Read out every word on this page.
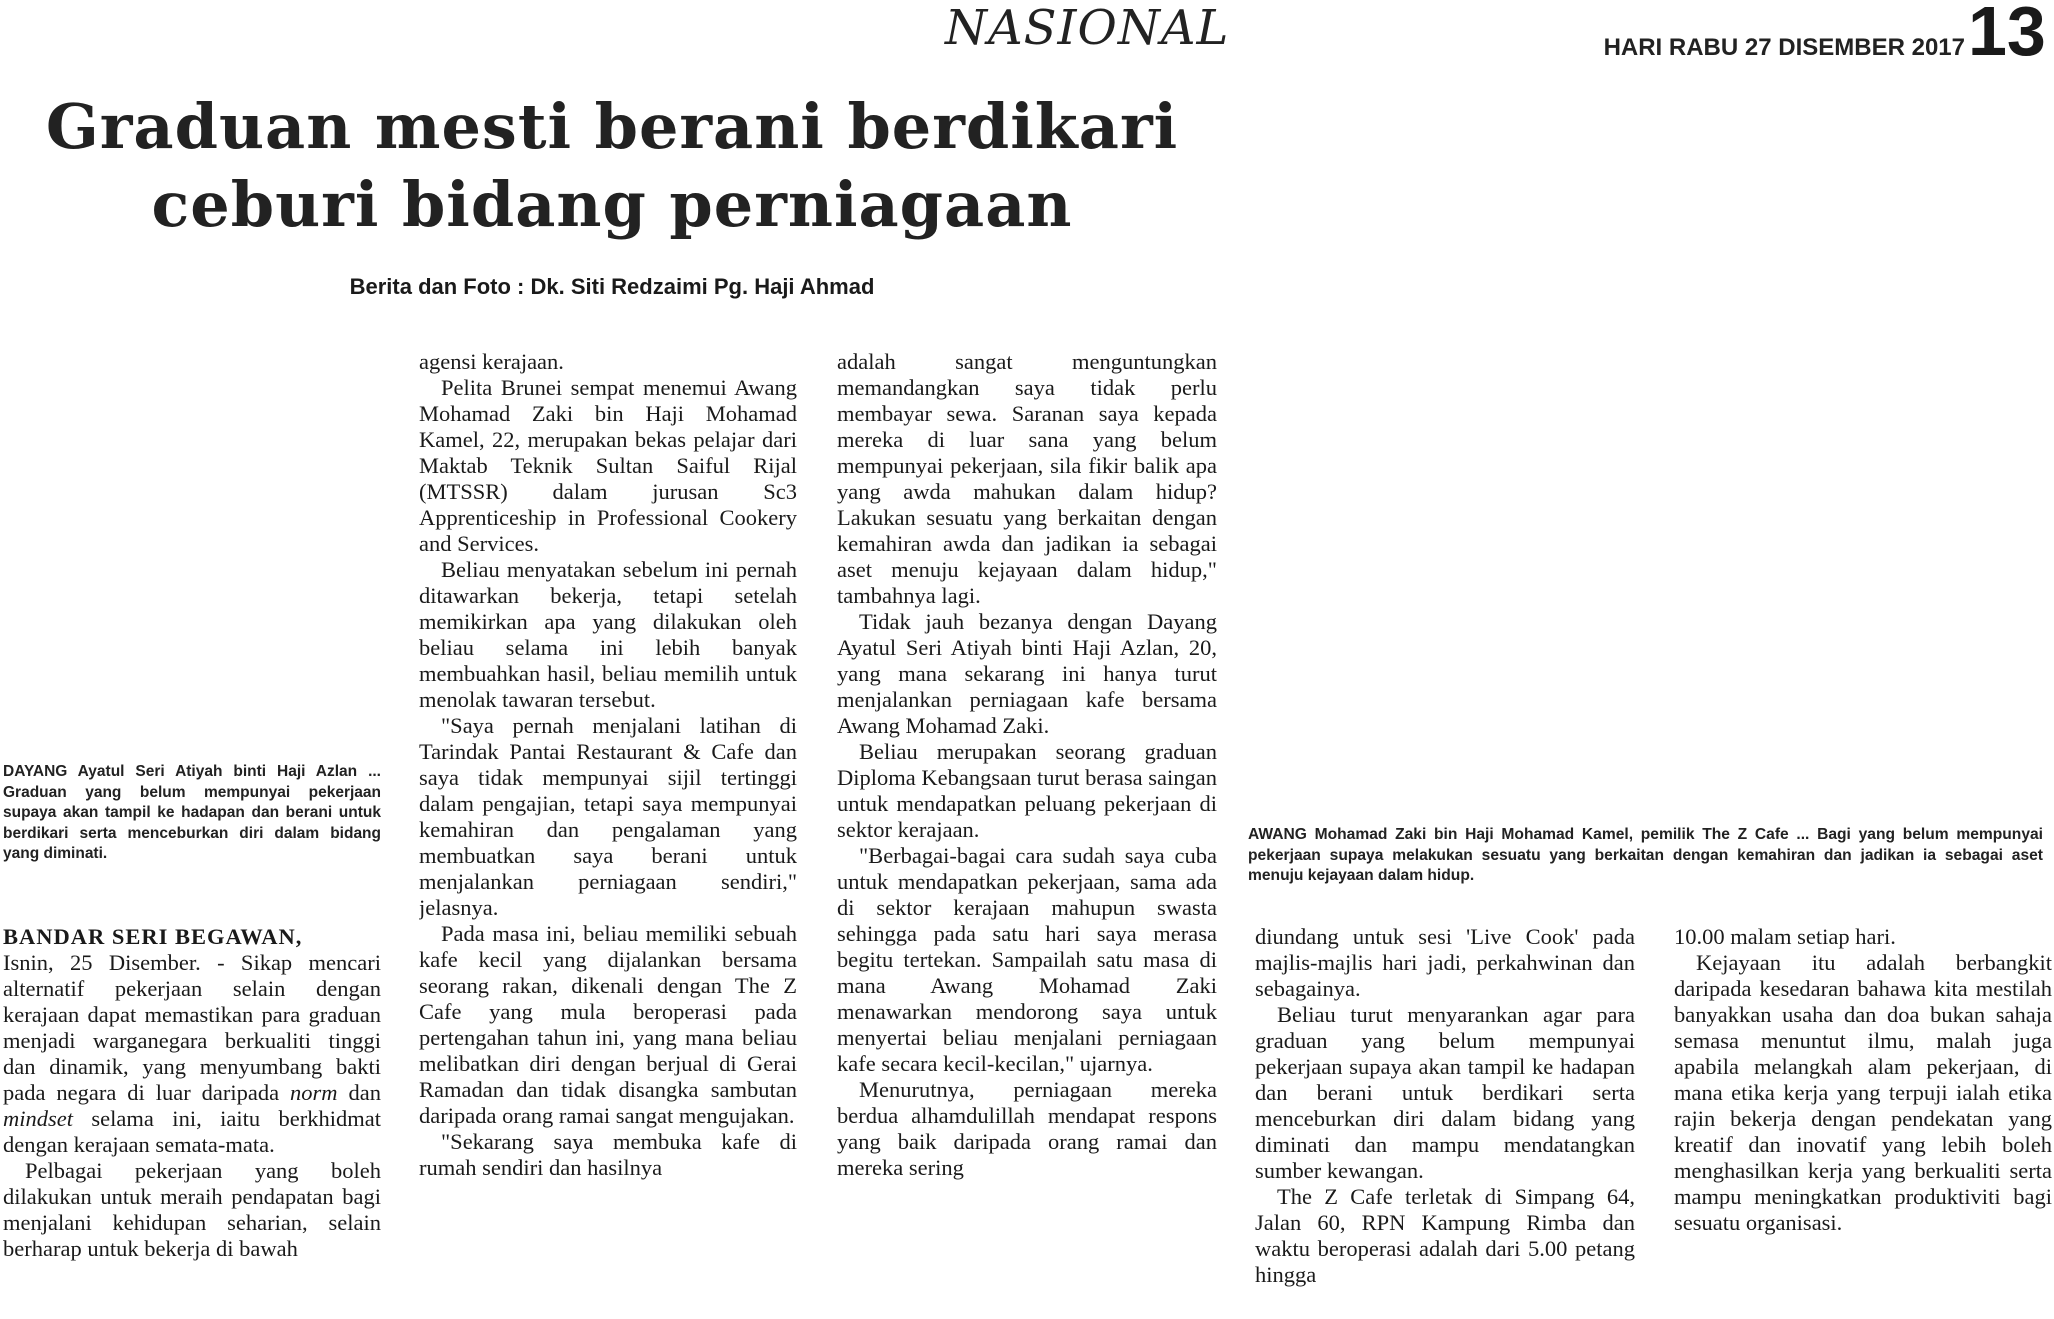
NASIONAL	HARI RABU 27 DISEMBER 2017 13
Graduan mesti berani berdikari
ceburi bidang perniagaan
Berita dan Foto : Dk. Siti Redzaimi Pg. Haji Ahmad
DAYANG Ayatul Seri Atiyah binti Haji Azlan ... Graduan yang belum mempunyai pekerjaan supaya akan tampil ke hadapan dan berani untuk berdikari serta menceburkan diri dalam bidang yang diminati.
AWANG Mohamad Zaki bin Haji Mohamad Kamel, pemilik The Z Cafe ... Bagi yang belum mempunyai pekerjaan supaya melakukan sesuatu yang berkaitan dengan kemahiran dan jadikan ia sebagai aset menuju kejayaan dalam hidup.

BANDAR SERI BEGAWAN,
Isnin, 25 Disember. - Sikap mencari alternatif pekerjaan selain dengan kerajaan dapat memastikan para graduan menjadi warganegara berkualiti tinggi dan dinamik, yang menyumbang bakti pada negara di luar daripada norm dan mindset selama ini, iaitu berkhidmat dengan kerajaan semata-mata.

Pelbagai pekerjaan yang boleh dilakukan untuk meraih pendapatan bagi menjalani kehidupan seharian, selain berharap untuk bekerja di bawah

agensi kerajaan.

Pelita Brunei sempat menemui Awang Mohamad Zaki bin Haji Mohamad Kamel, 22, merupakan bekas pelajar dari Maktab Teknik Sultan Saiful Rijal (MTSSR) dalam jurusan Sc3 Apprenticeship in Professional Cookery and Services.

Beliau menyatakan sebelum ini pernah ditawarkan bekerja, tetapi setelah memikirkan apa yang dilakukan oleh beliau selama ini lebih banyak membuahkan hasil, beliau memilih untuk menolak tawaran tersebut.

"Saya pernah menjalani latihan di Tarindak Pantai Restaurant & Cafe dan saya tidak mempunyai sijil tertinggi dalam pengajian, tetapi saya mempunyai kemahiran dan pengalaman yang membuatkan saya berani untuk menjalankan perniagaan sendiri," jelasnya.

Pada masa ini, beliau memiliki sebuah kafe kecil yang dijalankan bersama seorang rakan, dikenali dengan The Z Cafe yang mula beroperasi pada pertengahan tahun ini, yang mana beliau melibatkan diri dengan berjual di Gerai Ramadan dan tidak disangka sambutan daripada orang ramai sangat mengujakan.

"Sekarang saya membuka kafe di rumah sendiri dan hasilnya

adalah sangat menguntungkan memandangkan saya tidak perlu membayar sewa. Saranan saya kepada mereka di luar sana yang belum mempunyai pekerjaan, sila fikir balik apa yang awda mahukan dalam hidup? Lakukan sesuatu yang berkaitan dengan kemahiran awda dan jadikan ia sebagai aset menuju kejayaan dalam hidup," tambahnya lagi.

Tidak jauh bezanya dengan Dayang Ayatul Seri Atiyah binti Haji Azlan, 20, yang mana sekarang ini hanya turut menjalankan perniagaan kafe bersama Awang Mohamad Zaki.

Beliau merupakan seorang graduan Diploma Kebangsaan turut berasa saingan untuk mendapatkan peluang pekerjaan di sektor kerajaan.

"Berbagai-bagai cara sudah saya cuba untuk mendapatkan pekerjaan, sama ada di sektor kerajaan mahupun swasta sehingga pada satu hari saya merasa begitu tertekan. Sampailah satu masa di mana Awang Mohamad Zaki menawarkan mendorong saya untuk menyertai beliau menjalani perniagaan kafe secara kecil-kecilan," ujarnya.

Menurutnya, perniagaan mereka berdua alhamdulillah mendapat respons yang baik daripada orang ramai dan mereka sering

diundang untuk sesi 'Live Cook' pada majlis-majlis hari jadi, perkahwinan dan sebagainya.

Beliau turut menyarankan agar para graduan yang belum mempunyai pekerjaan supaya akan tampil ke hadapan dan berani untuk berdikari serta menceburkan diri dalam bidang yang diminati dan mampu mendatangkan sumber kewangan.

The Z Cafe terletak di Simpang 64, Jalan 60, RPN Kampung Rimba dan waktu beroperasi adalah dari 5.00 petang hingga

10.00 malam setiap hari.

Kejayaan itu adalah berbangkit daripada kesedaran bahawa kita mestilah banyakkan usaha dan doa bukan sahaja semasa menuntut ilmu, malah juga apabila melangkah alam pekerjaan, di mana etika kerja yang terpuji ialah etika rajin bekerja dengan pendekatan yang kreatif dan inovatif yang lebih boleh menghasilkan kerja yang berkualiti serta mampu meningkatkan produktiviti bagi sesuatu organisasi.
